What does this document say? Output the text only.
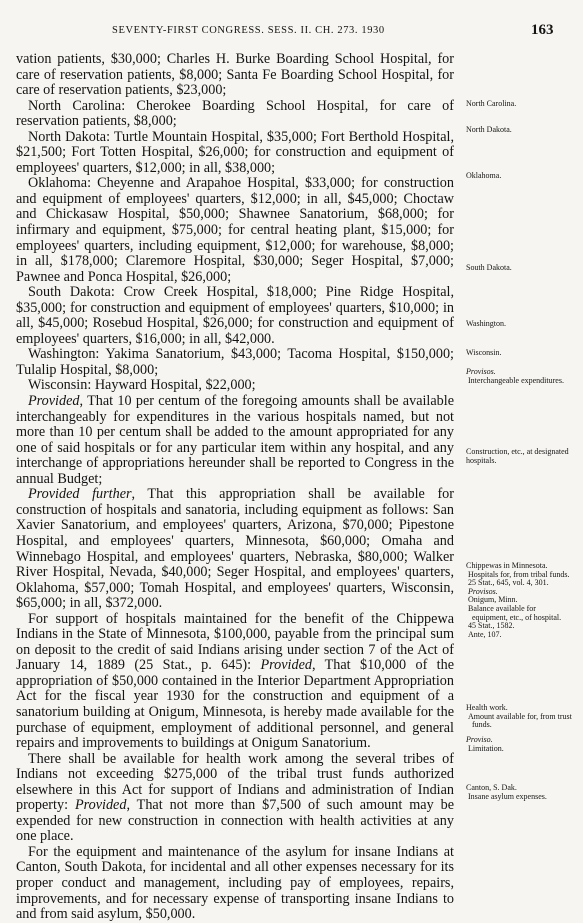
SEVENTY-FIRST CONGRESS. SESS. II. CH. 273. 1930	163

vation patients, $30,000; Charles H. Burke Boarding School Hospital, for care of reservation patients, $8,000; Santa Fe Boarding School Hospital, for care of reservation patients, $23,000;

North Carolina: Cherokee Boarding School Hospital, for care of reservation patients, $8,000;

North Dakota: Turtle Mountain Hospital, $35,000; Fort Berthold Hospital, $21,500; Fort Totten Hospital, $26,000; for construction and equipment of employees' quarters, $12,000; in all, $38,000;

Oklahoma: Cheyenne and Arapahoe Hospital, $33,000; for construction and equipment of employees' quarters, $12,000; in all, $45,000; Choctaw and Chickasaw Hospital, $50,000; Shawnee Sanatorium, $68,000; for infirmary and equipment, $75,000; for central heating plant, $15,000; for employees' quarters, including equipment, $12,000; for warehouse, $8,000; in all, $178,000; Claremore Hospital, $30,000; Seger Hospital, $7,000; Pawnee and Ponca Hospital, $26,000;

South Dakota: Crow Creek Hospital, $18,000; Pine Ridge Hospital, $35,000; for construction and equipment of employees' quarters, $10,000; in all, $45,000; Rosebud Hospital, $26,000; for construction and equipment of employees' quarters, $16,000; in all, $42,000.

Washington: Yakima Sanatorium, $43,000; Tacoma Hospital, $150,000; Tulalip Hospital, $8,000;

Wisconsin: Hayward Hospital, $22,000;

Provided, That 10 per centum of the foregoing amounts shall be available interchangeably for expenditures in the various hospitals named, but not more than 10 per centum shall be added to the amount appropriated for any one of said hospitals or for any particular item within any hospital, and any interchange of appropriations hereunder shall be reported to Congress in the annual Budget;

Provided further, That this appropriation shall be available for construction of hospitals and sanatoria, including equipment as follows: San Xavier Sanatorium, and employees' quarters, Arizona, $70,000; Pipestone Hospital, and employees' quarters, Minnesota, $60,000; Omaha and Winnebago Hospital, and employees' quarters, Nebraska, $80,000; Walker River Hospital, Nevada, $40,000; Seger Hospital, and employees' quarters, Oklahoma, $57,000; Tomah Hospital, and employees' quarters, Wisconsin, $65,000; in all, $372,000.

For support of hospitals maintained for the benefit of the Chippewa Indians in the State of Minnesota, $100,000, payable from the principal sum on deposit to the credit of said Indians arising under section 7 of the Act of January 14, 1889 (25 Stat., p. 645): Provided, That $10,000 of the appropriation of $50,000 contained in the Interior Department Appropriation Act for the fiscal year 1930 for the construction and equipment of a sanatorium building at Onigum, Minnesota, is hereby made available for the purchase of equipment, employment of additional personnel, and general repairs and improvements to buildings at Onigum Sanatorium.

There shall be available for health work among the several tribes of Indians not exceeding $275,000 of the tribal trust funds authorized elsewhere in this Act for support of Indians and administration of Indian property: Provided, That not more than $7,500 of such amount may be expended for new construction in connection with health activities at any one place.

For the equipment and maintenance of the asylum for insane Indians at Canton, South Dakota, for incidental and all other expenses necessary for its proper conduct and management, including pay of employees, repairs, improvements, and for necessary expense of transporting insane Indians to and from said asylum, $50,000.

North Carolina.
North Dakota.
Oklahoma.
South Dakota.
Washington.
Wisconsin.
Provisos.
Interchangeable expenditures.
Construction, etc., at designated hospitals.
Chippewas in Minnesota.
Hospitals for, from tribal funds.
25 Stat., 645, vol. 4, 301.
Provisos.
Onigum, Minn.
Balance available for equipment, etc., of hospital.
45 Stat., 1582.
Ante, 107.
Health work.
Amount available for, from trust funds.
Proviso.
Limitation.
Canton, S. Dak.
Insane asylum expenses.
